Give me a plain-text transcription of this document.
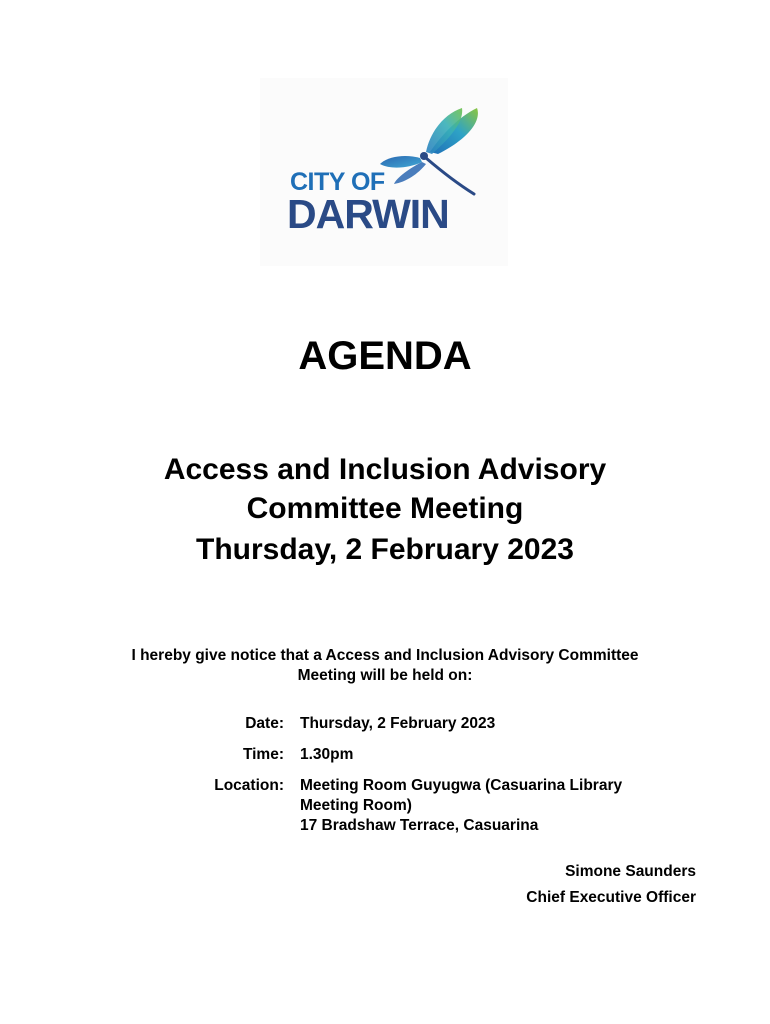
CITY OF
DARWIN
AGENDA
Access and Inclusion Advisory
Committee Meeting
Thursday, 2 February 2023

I hereby give notice that a Access and Inclusion Advisory Committee
Meeting will be held on:

Date:	Thursday, 2 February 2023
Time:	1.30pm
Location:	Meeting Room Guyugwa (Casuarina Library
Meeting Room)
17 Bradshaw Terrace, Casuarina
Simone Saunders
Chief Executive Officer
